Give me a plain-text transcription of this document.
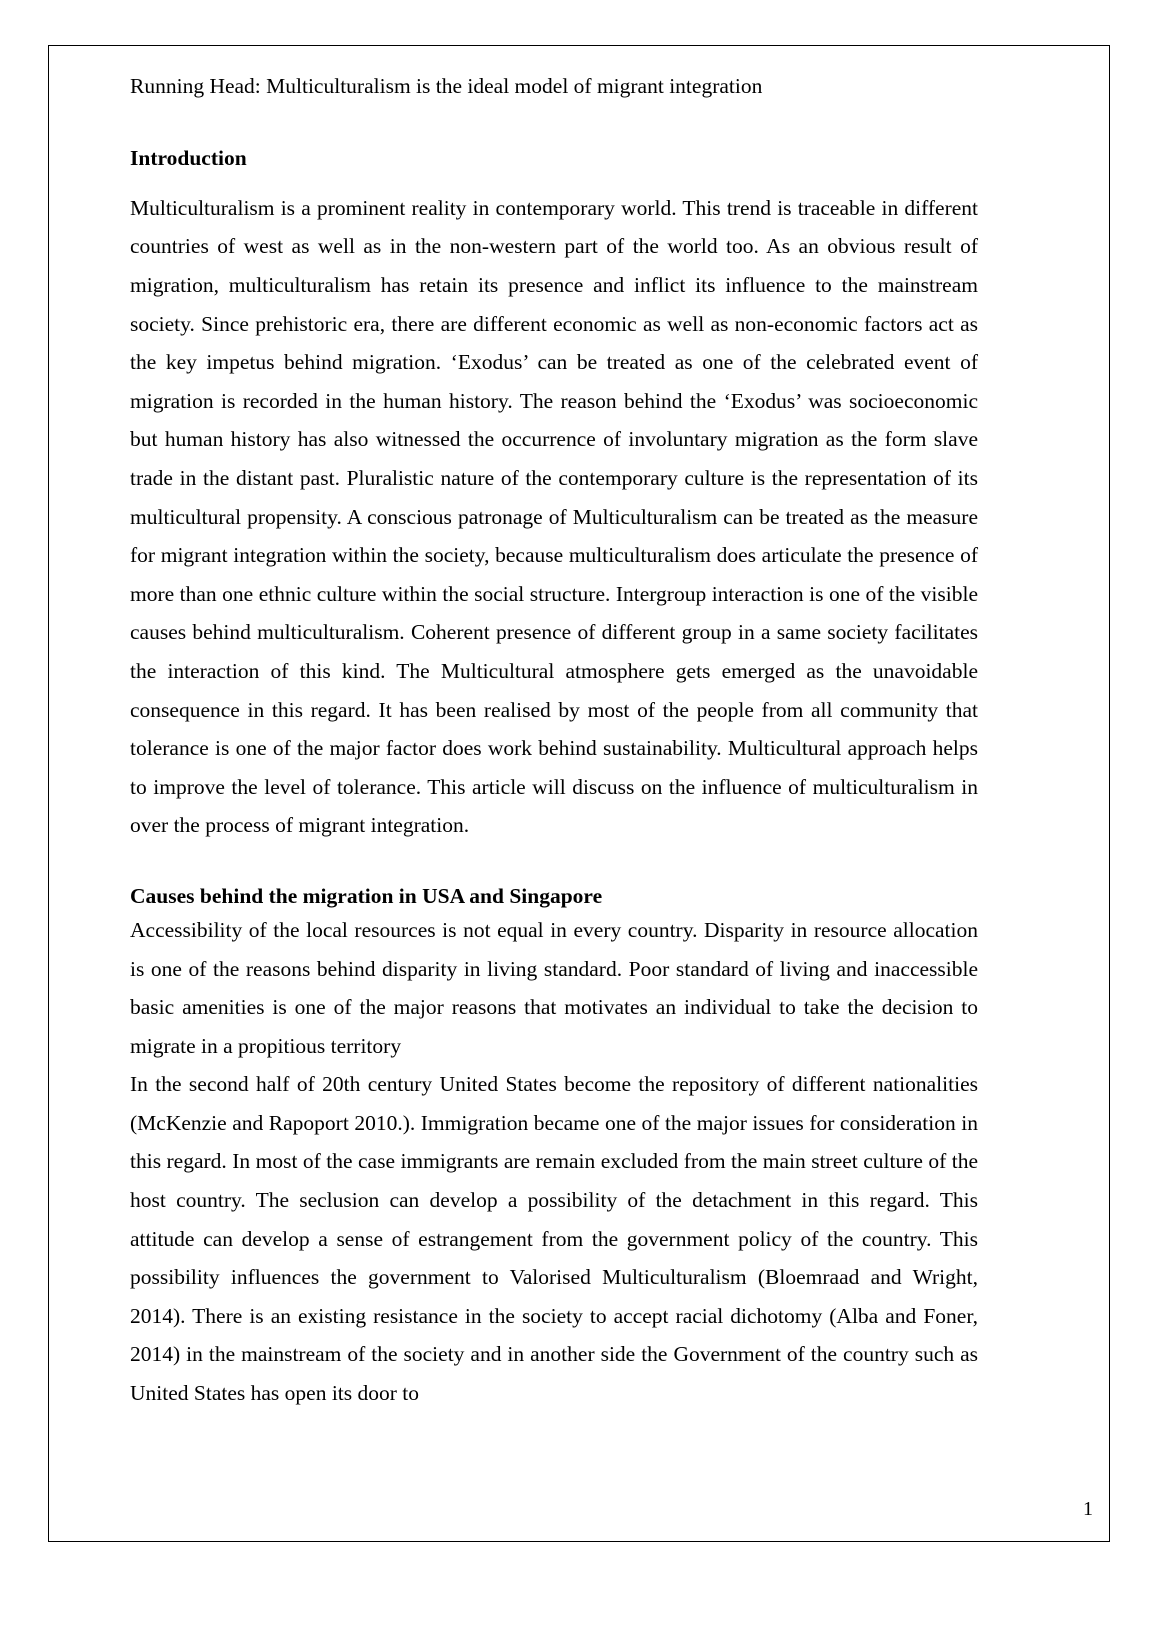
Running Head: Multiculturalism is the ideal model of migrant integration
Introduction

Multiculturalism is a prominent reality in contemporary world. This trend is traceable in different countries of west as well as in the non-western part of the world too. As an obvious result of migration, multiculturalism has retain its presence and inflict its influence to the mainstream society. Since prehistoric era, there are different economic as well as non-economic factors act as the key impetus behind migration. ‘Exodus’ can be treated as one of the celebrated event of migration is recorded in the human history. The reason behind the ‘Exodus’ was socioeconomic but human history has also witnessed the occurrence of involuntary migration as the form slave trade in the distant past. Pluralistic nature of the contemporary culture is the representation of its multicultural propensity. A conscious patronage of Multiculturalism can be treated as the measure for migrant integration within the society, because multiculturalism does articulate the presence of more than one ethnic culture within the social structure. Intergroup interaction is one of the visible causes behind multiculturalism. Coherent presence of different group in a same society facilitates the interaction of this kind. The Multicultural atmosphere gets emerged as the unavoidable consequence in this regard. It has been realised by most of the people from all community that tolerance is one of the major factor does work behind sustainability. Multicultural approach helps to improve the level of tolerance. This article will discuss on the influence of multiculturalism in over the process of migrant integration.

Causes behind the migration in USA and Singapore

Accessibility of the local resources is not equal in every country. Disparity in resource allocation is one of the reasons behind disparity in living standard. Poor standard of living and inaccessible basic amenities is one of the major reasons that motivates an individual to take the decision to migrate in a propitious territory

In the second half of 20th century United States become the repository of different nationalities (McKenzie and Rapoport 2010.). Immigration became one of the major issues for consideration in this regard. In most of the case immigrants are remain excluded from the main street culture of the host country. The seclusion can develop a possibility of the detachment in this regard. This attitude can develop a sense of estrangement from the government policy of the country. This possibility influences the government to Valorised Multiculturalism (Bloemraad and Wright, 2014). There is an existing resistance in the society to accept racial dichotomy (Alba and Foner, 2014) in the mainstream of the society and in another side the Government of the country such as United States has open its door to

1
